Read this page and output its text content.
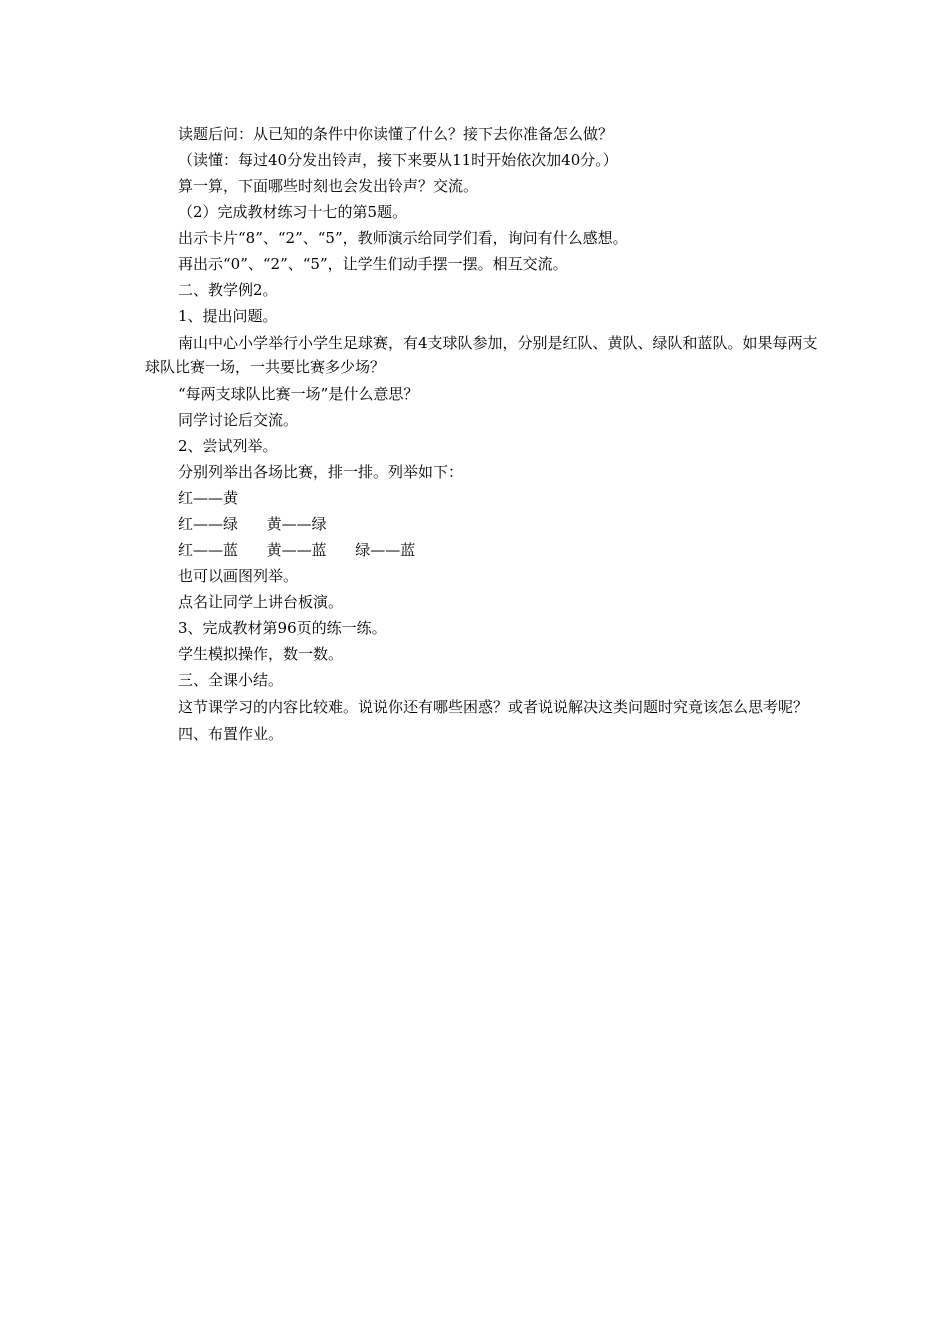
读题后问：从已知的条件中你读懂了什么？接下去你准备怎么做？

（读懂：每过40分发出铃声，接下来要从11时开始依次加40分。）

算一算，下面哪些时刻也会发出铃声？交流。

（2）完成教材练习十七的第5题。

出示卡片“8”、“2”、“5”，教师演示给同学们看，询问有什么感想。

再出示“0”、“2”、“5”，让学生们动手摆一摆。相互交流。

二、教学例2。

1、提出问题。

南山中心小学举行小学生足球赛，有4支球队参加，分别是红队、黄队、绿队和蓝队。如果每两支球队比赛一场，一共要比赛多少场？

“每两支球队比赛一场”是什么意思？

同学讨论后交流。

2、尝试列举。

分别列举出各场比赛，排一排。列举如下：

红——黄

红——绿      黄——绿

红——蓝      黄——蓝      绿——蓝

也可以画图列举。

点名让同学上讲台板演。

3、完成教材第96页的练一练。

学生模拟操作，数一数。

三、全课小结。

这节课学习的内容比较难。说说你还有哪些困惑？或者说说解决这类问题时究竟该怎么思考呢？

四、布置作业。
